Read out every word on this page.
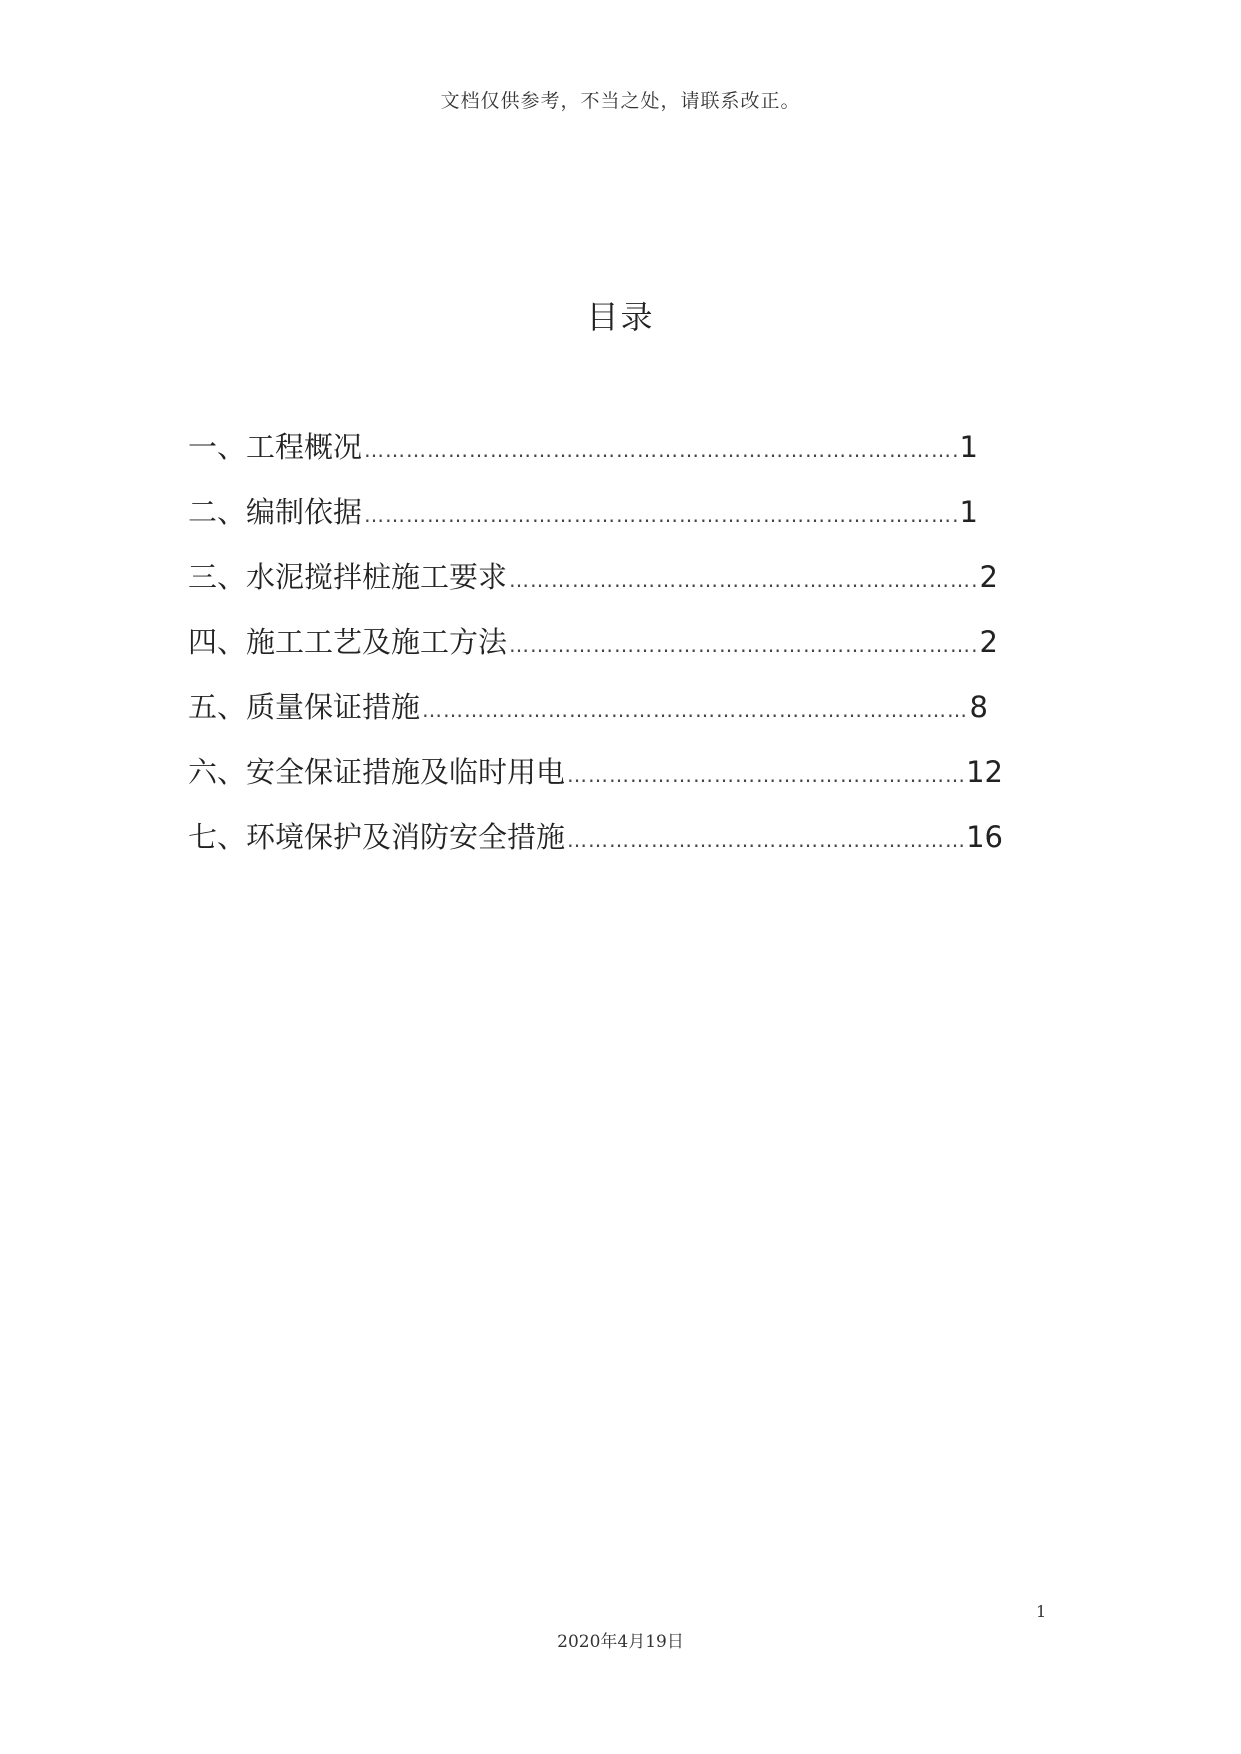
文档仅供参考，不当之处，请联系改正。
目录
一、工程概况 ………………………………………………………………………………………………………………………………………………………………	1
二、编制依据 ………………………………………………………………………………………………………………………………………………………………	1
三、水泥搅拌桩施工要求 ………………………………………………………………………………………………………………………………………………………………	2
四、施工工艺及施工方法 ………………………………………………………………………………………………………………………………………………………………	2
五、质量保证措施 ………………………………………………………………………………………………………………………………………………………………	8
六、安全保证措施及临时用电 ………………………………………………………………………………………………………………………………………………………………	12
七、环境保护及消防安全措施 ………………………………………………………………………………………………………………………………………………………………	16
1
2020年4月19日
